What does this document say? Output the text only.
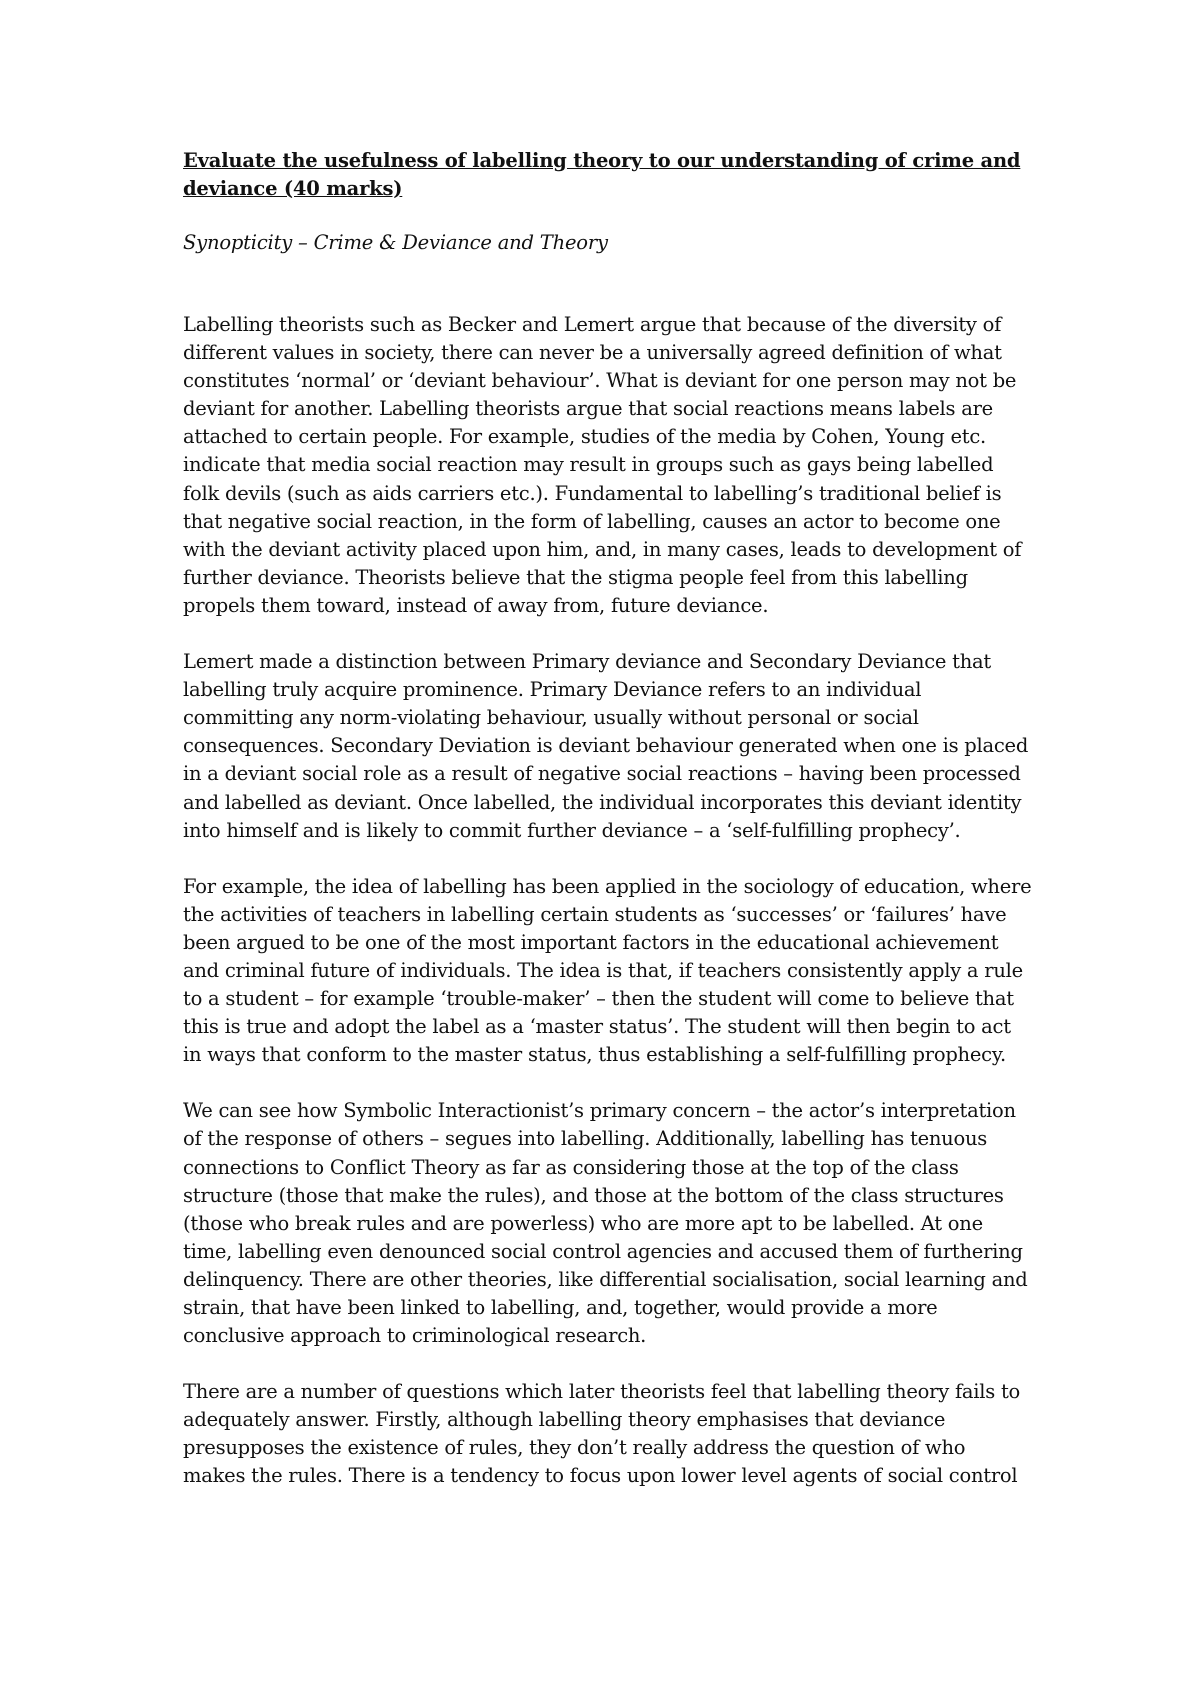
Evaluate the usefulness of labelling theory to our understanding of crime and deviance (40 marks)

Synopticity – Crime & Deviance and Theory

Labelling theorists such as Becker and Lemert argue that because of the diversity of different values in society, there can never be a universally agreed definition of what constitutes ‘normal’ or ‘deviant behaviour’. What is deviant for one person may not be deviant for another. Labelling theorists argue that social reactions means labels are attached to certain people. For example, studies of the media by Cohen, Young etc. indicate that media social reaction may result in groups such as gays being labelled folk devils (such as aids carriers etc.). Fundamental to labelling’s traditional belief is that negative social reaction, in the form of labelling, causes an actor to become one with the deviant activity placed upon him, and, in many cases, leads to development of further deviance. Theorists believe that the stigma people feel from this labelling propels them toward, instead of away from, future deviance.

Lemert made a distinction between Primary deviance and Secondary Deviance that labelling truly acquire prominence. Primary Deviance refers to an individual committing any norm-violating behaviour, usually without personal or social consequences. Secondary Deviation is deviant behaviour generated when one is placed in a deviant social role as a result of negative social reactions – having been processed and labelled as deviant. Once labelled, the individual incorporates this deviant identity into himself and is likely to commit further deviance – a ‘self-fulfilling prophecy’.

For example, the idea of labelling has been applied in the sociology of education, where the activities of teachers in labelling certain students as ‘successes’ or ‘failures’ have been argued to be one of the most important factors in the educational achievement and criminal future of individuals. The idea is that, if teachers consistently apply a rule to a student – for example ‘trouble-maker’ – then the student will come to believe that this is true and adopt the label as a ‘master status’. The student will then begin to act in ways that conform to the master status, thus establishing a self-fulfilling prophecy.

We can see how Symbolic Interactionist’s primary concern – the actor’s interpretation of the response of others – segues into labelling. Additionally, labelling has tenuous connections to Conflict Theory as far as considering those at the top of the class structure (those that make the rules), and those at the bottom of the class structures (those who break rules and are powerless) who are more apt to be labelled. At one time, labelling even denounced social control agencies and accused them of furthering delinquency. There are other theories, like differential socialisation, social learning and strain, that have been linked to labelling, and, together, would provide a more conclusive approach to criminological research.

There are a number of questions which later theorists feel that labelling theory fails to adequately answer. Firstly, although labelling theory emphasises that deviance presupposes the existence of rules, they don’t really address the question of who makes the rules. There is a tendency to focus upon lower level agents of social control
